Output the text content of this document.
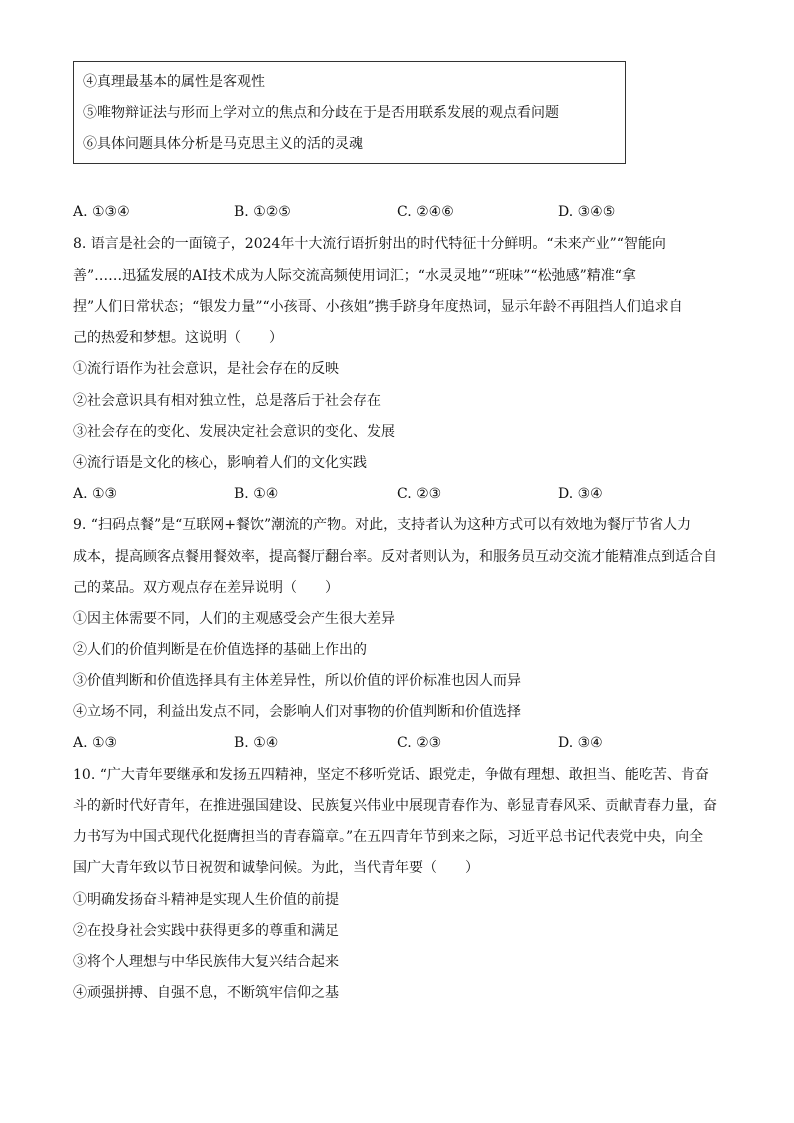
④真理最基本的属性是客观性
⑤唯物辩证法与形而上学对立的焦点和分歧在于是否用联系发展的观点看问题
⑥具体问题具体分析是马克思主义的活的灵魂
A. ①③④	B. ①②⑤	C. ②④⑥	D. ③④⑤
8. 语言是社会的一面镜子，2024年十大流行语折射出的时代特征十分鲜明。“未来产业”“智能向
善”……迅猛发展的AI技术成为人际交流高频使用词汇；“水灵灵地”“班味”“松弛感”精准“拿
捏”人们日常状态；“银发力量”“小孩哥、小孩姐”携手跻身年度热词，显示年龄不再阻挡人们追求自
己的热爱和梦想。这说明（　　）
①流行语作为社会意识，是社会存在的反映
②社会意识具有相对独立性，总是落后于社会存在
③社会存在的变化、发展决定社会意识的变化、发展
④流行语是文化的核心，影响着人们的文化实践
A. ①③	B. ①④	C. ②③	D. ③④
9. “扫码点餐”是“互联网+餐饮”潮流的产物。对此，支持者认为这种方式可以有效地为餐厅节省人力
成本，提高顾客点餐用餐效率，提高餐厅翻台率。反对者则认为，和服务员互动交流才能精准点到适合自
己的菜品。双方观点存在差异说明（　　）
①因主体需要不同，人们的主观感受会产生很大差异
②人们的价值判断是在价值选择的基础上作出的
③价值判断和价值选择具有主体差异性，所以价值的评价标准也因人而异
④立场不同，利益出发点不同，会影响人们对事物的价值判断和价值选择
A. ①③	B. ①④	C. ②③	D. ③④
10. “广大青年要继承和发扬五四精神，坚定不移听党话、跟党走，争做有理想、敢担当、能吃苦、肯奋
斗的新时代好青年，在推进强国建设、民族复兴伟业中展现青春作为、彰显青春风采、贡献青春力量，奋
力书写为中国式现代化挺膺担当的青春篇章。”在五四青年节到来之际，习近平总书记代表党中央，向全
国广大青年致以节日祝贺和诚挚问候。为此，当代青年要（　　）
①明确发扬奋斗精神是实现人生价值的前提
②在投身社会实践中获得更多的尊重和满足
③将个人理想与中华民族伟大复兴结合起来
④顽强拼搏、自强不息，不断筑牢信仰之基
